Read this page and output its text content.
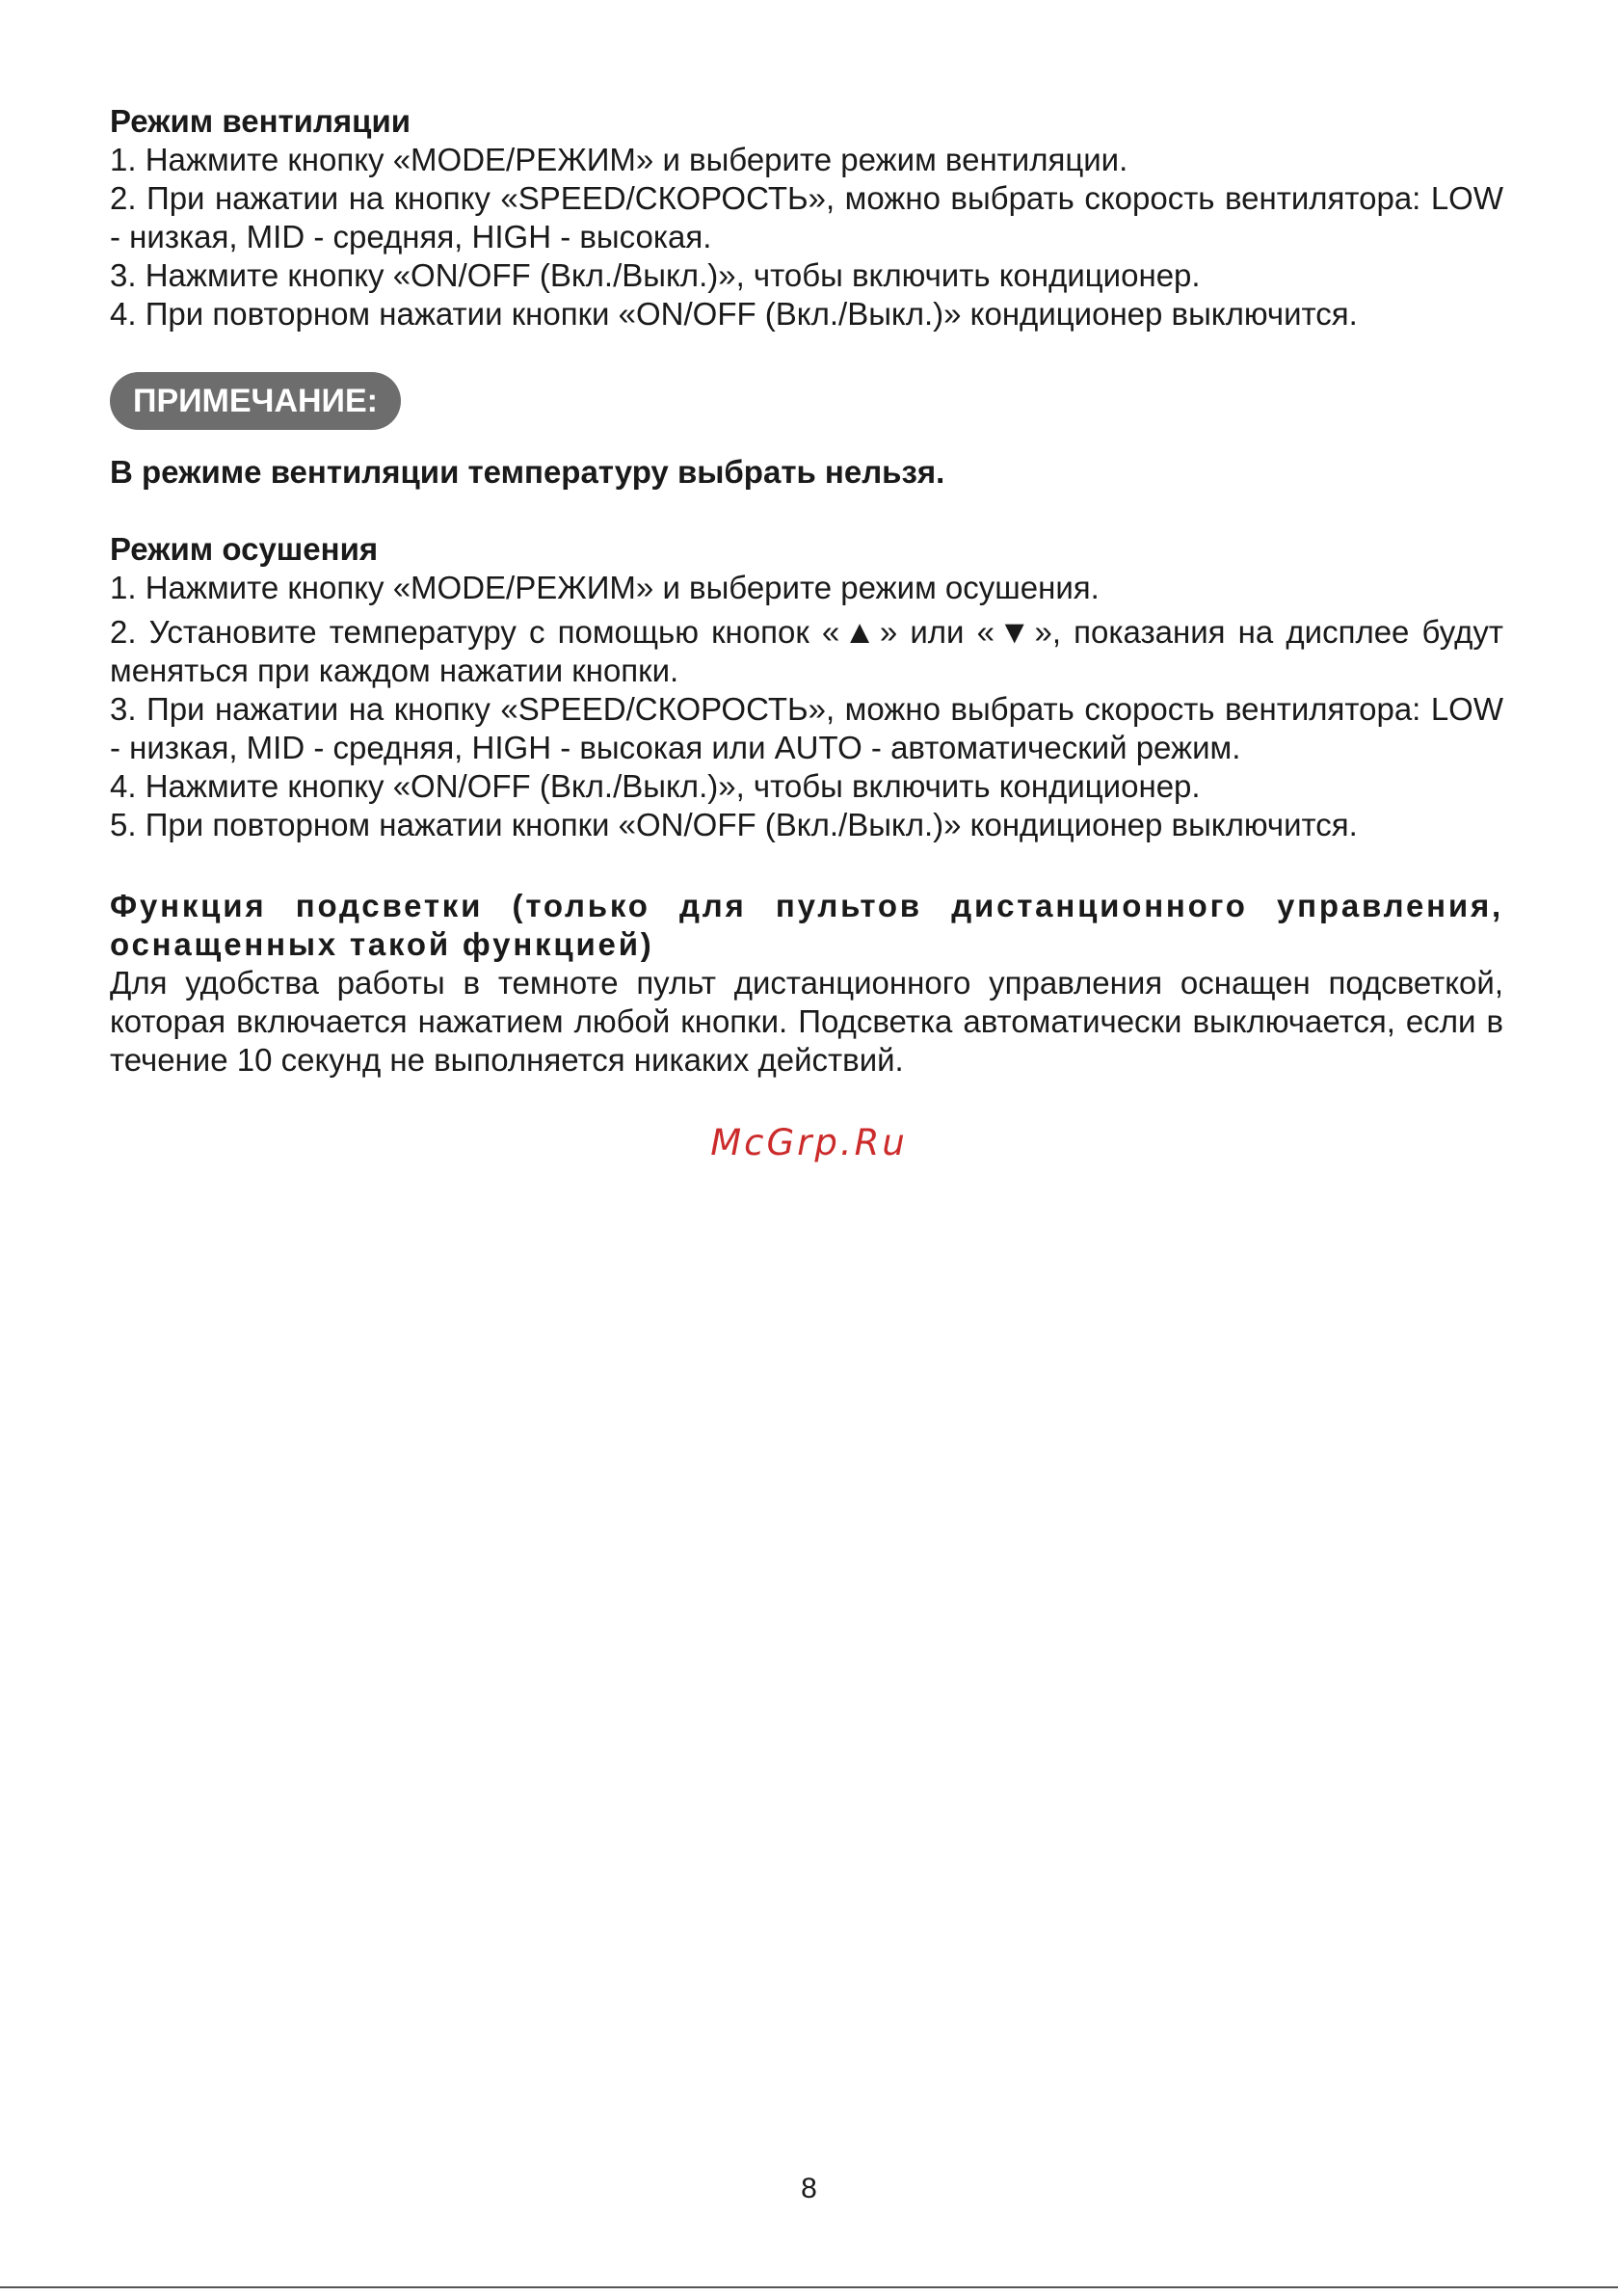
Режим вентиляции

1. Нажмите кнопку «MODE/РЕЖИМ» и выберите режим вентиляции.

2. При нажатии на кнопку «SPEED/СКОРОСТЬ», можно выбрать скорость вентилятора: LOW - низкая, MID - средняя, HIGH - высокая.

3. Нажмите кнопку «ON/OFF (Вкл./Выкл.)», чтобы включить кондиционер.

4. При повторном нажатии кнопки «ON/OFF (Вкл./Выкл.)» кондиционер выключится.

ПРИМЕЧАНИЕ:

В режиме вентиляции температуру выбрать нельзя.

Режим осушения

1. Нажмите кнопку «MODE/РЕЖИМ» и выберите режим осушения.

2. Установите температуру с помощью кнопок «▲» или «▼», показания на дисплее будут меняться при каждом нажатии кнопки.

3. При нажатии на кнопку «SPEED/СКОРОСТЬ», можно выбрать скорость вентилятора: LOW - низкая, MID - средняя, HIGH - высокая или AUTO - автоматический режим.

4. Нажмите кнопку «ON/OFF (Вкл./Выкл.)», чтобы включить кондиционер.

5. При повторном нажатии кнопки «ON/OFF (Вкл./Выкл.)» кондиционер выключится.

Функция подсветки (только для пультов дистанционного управления, оснащенных такой функцией)

Для удобства работы в темноте пульт дистанционного управления оснащен подсветкой, которая включается нажатием любой кнопки. Подсветка автоматически выключается, если в течение 10 секунд не выполняется никаких действий.

McGrp.Ru
8
